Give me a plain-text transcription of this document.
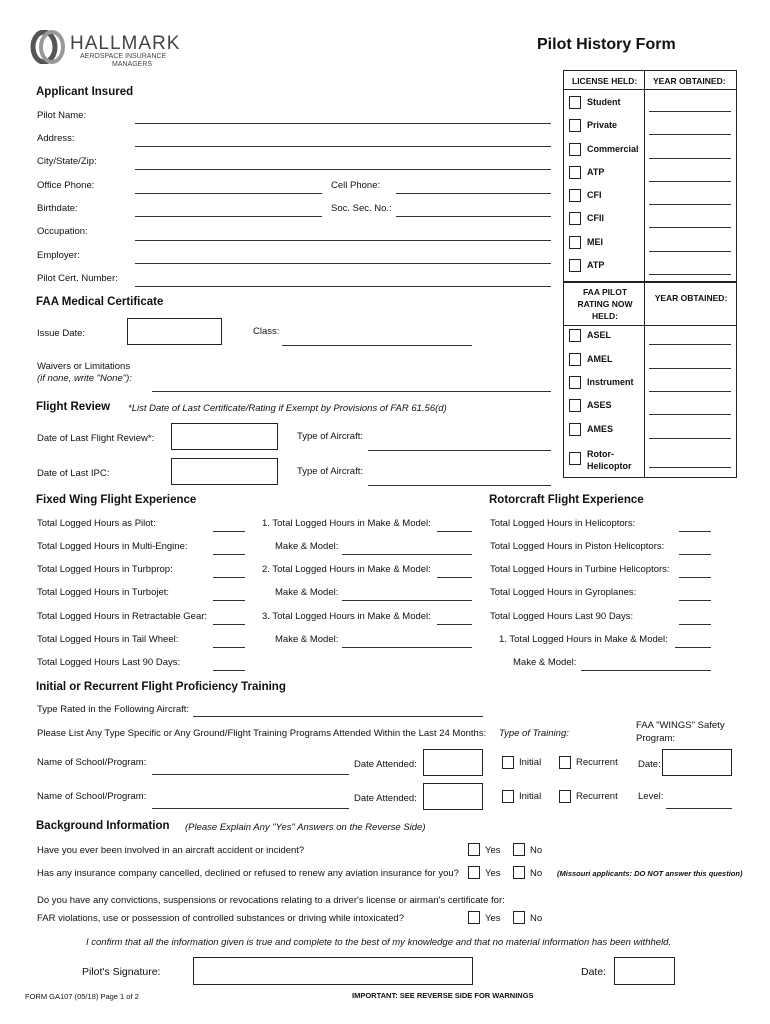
HALLMARK
AEROSPACE INSURANCE
MANAGERS
Pilot History Form
Applicant Insured
Pilot Name:
Address:
City/State/Zip:
Office Phone:	Cell Phone:
Birthdate:	Soc. Sec. No.:
Occupation:
Employer:
Pilot Cert. Number:
LICENSE HELD: YEAR OBTAINED:
Student
Private
Commercial
ATP
CFI
CFII
MEI
ATP
FAA PILOT RATING NOW HELD:
YEAR OBTAINED:
ASEL
AMEL
Instrument
ASES
AMES
Rotor-Helicoptor
FAA Medical Certificate
Issue Date:	Class:
Waivers or Limitations
(if none, write "None"):
Flight Review *List Date of Last Certificate/Rating if Exempt by Provisions of FAR 61.56(d)
Date of Last Flight Review*:	Type of Aircraft:
Date of Last IPC:	Type of Aircraft:
Fixed Wing Flight Experience
Total Logged Hours as Pilot:
Total Logged Hours in Multi-Engine:
Total Logged Hours in Turbprop:
Total Logged Hours in Turbojet:
Total Logged Hours in Retractable Gear:
Total Logged Hours in Tail Wheel:
Total Logged Hours Last 90 Days:
1. Total Logged Hours in Make & Model:
Make & Model:
2. Total Logged Hours in Make & Model:
Make & Model:
3. Total Logged Hours in Make & Model:
Make & Model:
Rotorcraft Flight Experience
Total Logged Hours in Helicoptors:
Total Logged Hours in Piston Helicoptors:
Total Logged Hours in Turbine Helicoptors:
Total Logged Hours in Gyroplanes:
Total Logged Hours Last 90 Days:
1. Total Logged Hours in Make & Model:
Make & Model:
Initial or Recurrent Flight Proficiency Training
Type Rated in the Following Aircraft:
Please List Any Type Specific or Any Ground/Flight Training Programs Attended Within the Last 24 Months: Type of Training:
FAA "WINGS" Safety
Program:
Name of School/Program:	Date Attended:	Initial	Recurrent Date:
Name of School/Program:	Date Attended:	Initial	Recurrent Level:
Background Information (Please Explain Any "Yes" Answers on the Reverse Side)
Have you ever been involved in an aircraft accident or incident?	Yes	No
Has any insurance company cancelled, declined or refused to renew any aviation insurance for you?	Yes	No (Missouri applicants: DO NOT answer this question)
Do you have any convictions, suspensions or revocations relating to a driver's license or airman's certificate for:
FAR violations, use or possession of controlled substances or driving while intoxicated?	Yes	No
I confirm that all the information given is true and complete to the best of my knowledge and that no material information has been withheld.
Pilot's Signature:	Date:
FORM GA107 (05/18) Page 1 of 2	IMPORTANT: SEE REVERSE SIDE FOR WARNINGS
